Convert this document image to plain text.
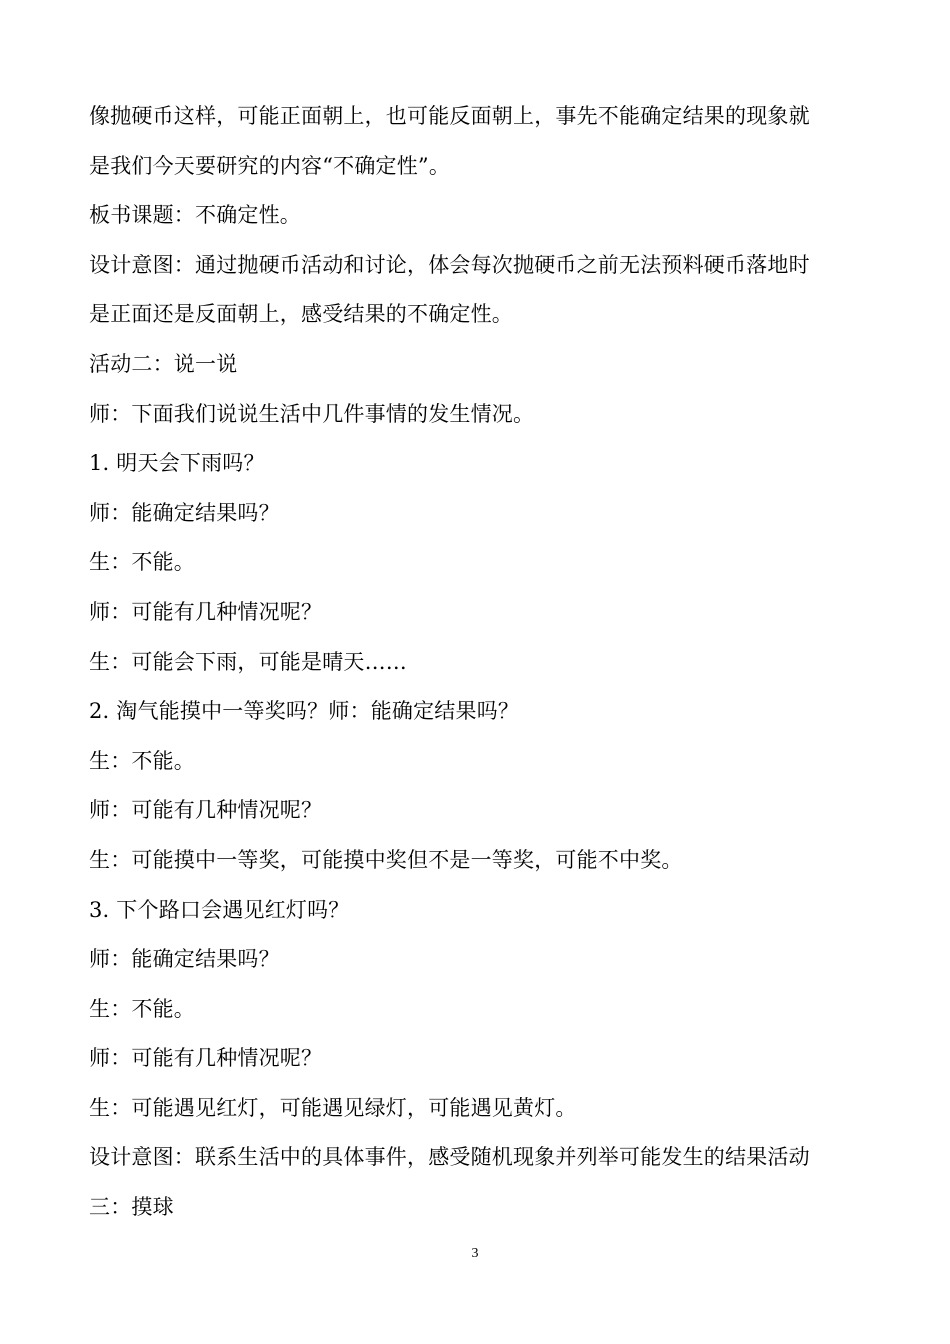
像抛硬币这样，可能正面朝上，也可能反面朝上，事先不能确定结果的现象就
是我们今天要研究的内容“不确定性”。
板书课题：不确定性。
设计意图：通过抛硬币活动和讨论，体会每次抛硬币之前无法预料硬币落地时
是正面还是反面朝上，感受结果的不确定性。
活动二：说一说
师：下面我们说说生活中几件事情的发生情况。
1. 明天会下雨吗？
师：能确定结果吗？
生：不能。
师：可能有几种情况呢？
生：可能会下雨，可能是晴天……
2. 淘气能摸中一等奖吗？师：能确定结果吗？
生：不能。
师：可能有几种情况呢？
生：可能摸中一等奖，可能摸中奖但不是一等奖，可能不中奖。
3. 下个路口会遇见红灯吗？
师：能确定结果吗？
生：不能。
师：可能有几种情况呢？
生：可能遇见红灯，可能遇见绿灯，可能遇见黄灯。
设计意图：联系生活中的具体事件，感受随机现象并列举可能发生的结果活动
三：摸球
3
